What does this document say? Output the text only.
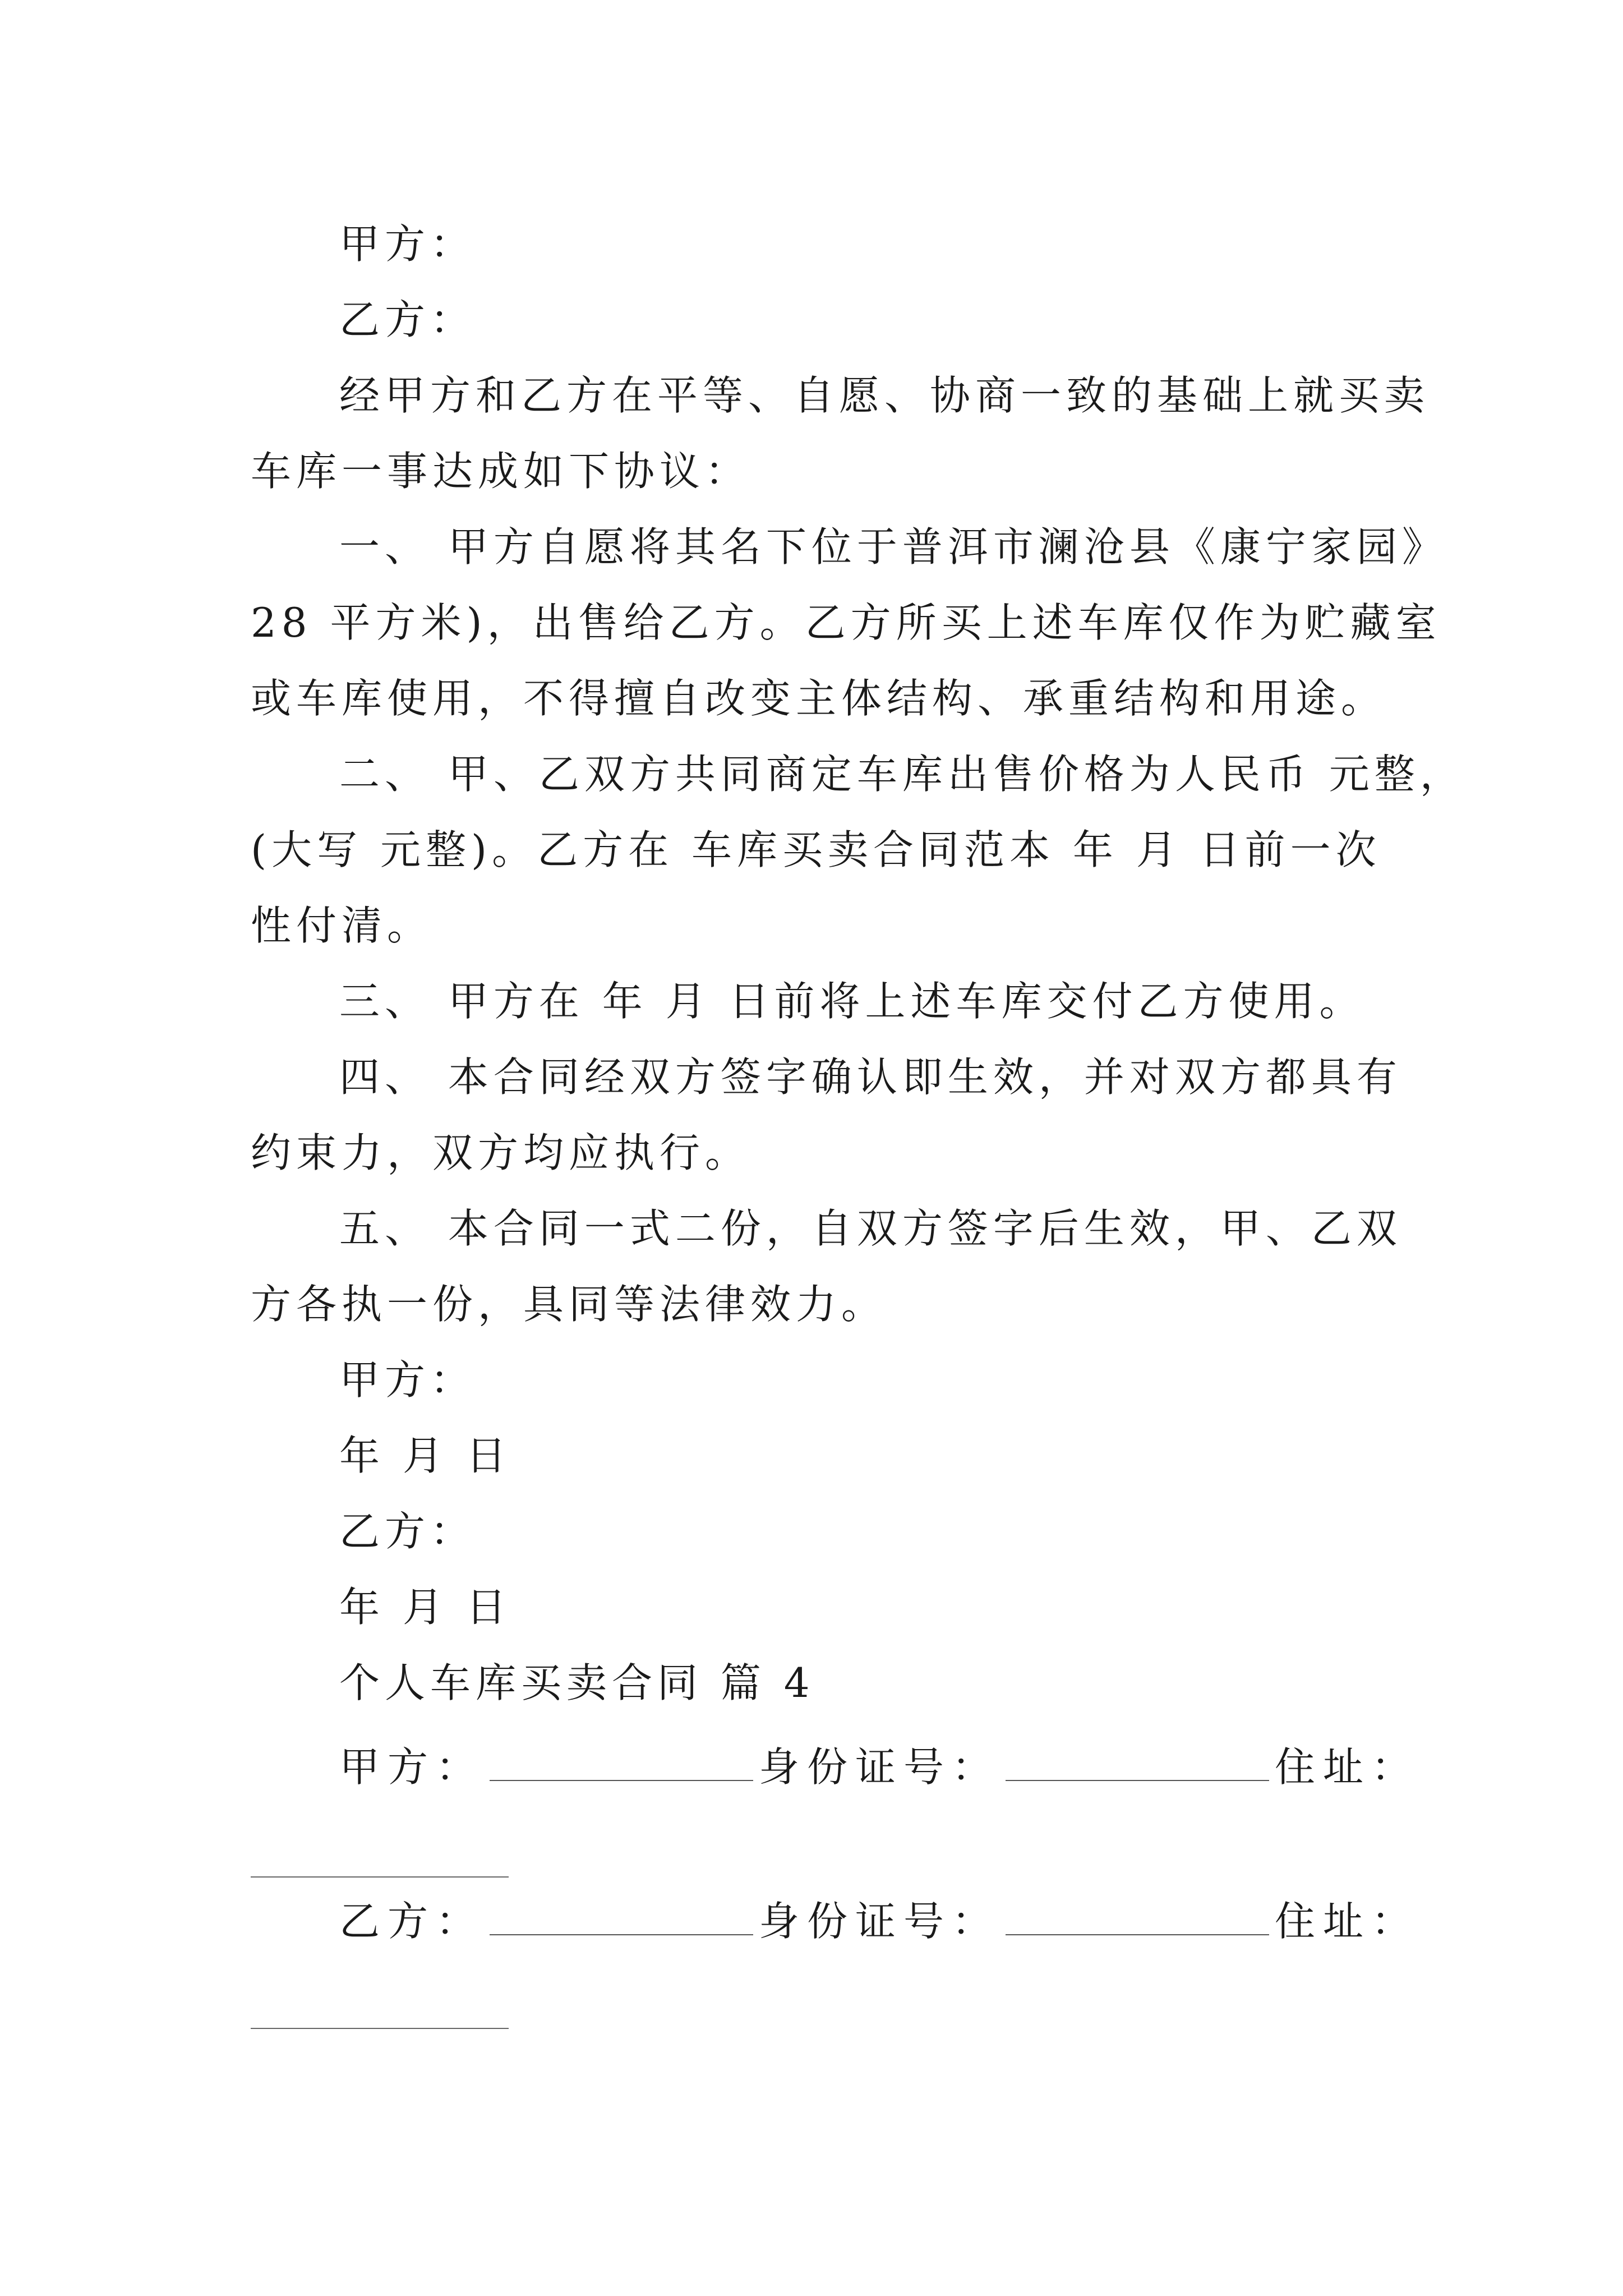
甲方：
乙方：
经甲方和乙方在平等、自愿、协商一致的基础上就买卖
车库一事达成如下协议：
一、 甲方自愿将其名下位于普洱市澜沧县《康宁家园》
28 平方米)，出售给乙方。乙方所买上述车库仅作为贮藏室
或车库使用，不得擅自改变主体结构、承重结构和用途。
二、 甲、乙双方共同商定车库出售价格为人民币 元整，
(大写 元整)。乙方在 车库买卖合同范本 年 月 日前一次
性付清。
三、 甲方在 年 月 日前将上述车库交付乙方使用。
四、 本合同经双方签字确认即生效，并对双方都具有
约束力，双方均应执行。
五、 本合同一式二份，自双方签字后生效，甲、乙双
方各执一份，具同等法律效力。
甲方：
年 月 日
乙方：
年 月 日
个人车库买卖合同 篇 4
甲方：	身份证号：	住址：
乙方：	身份证号：	住址：
